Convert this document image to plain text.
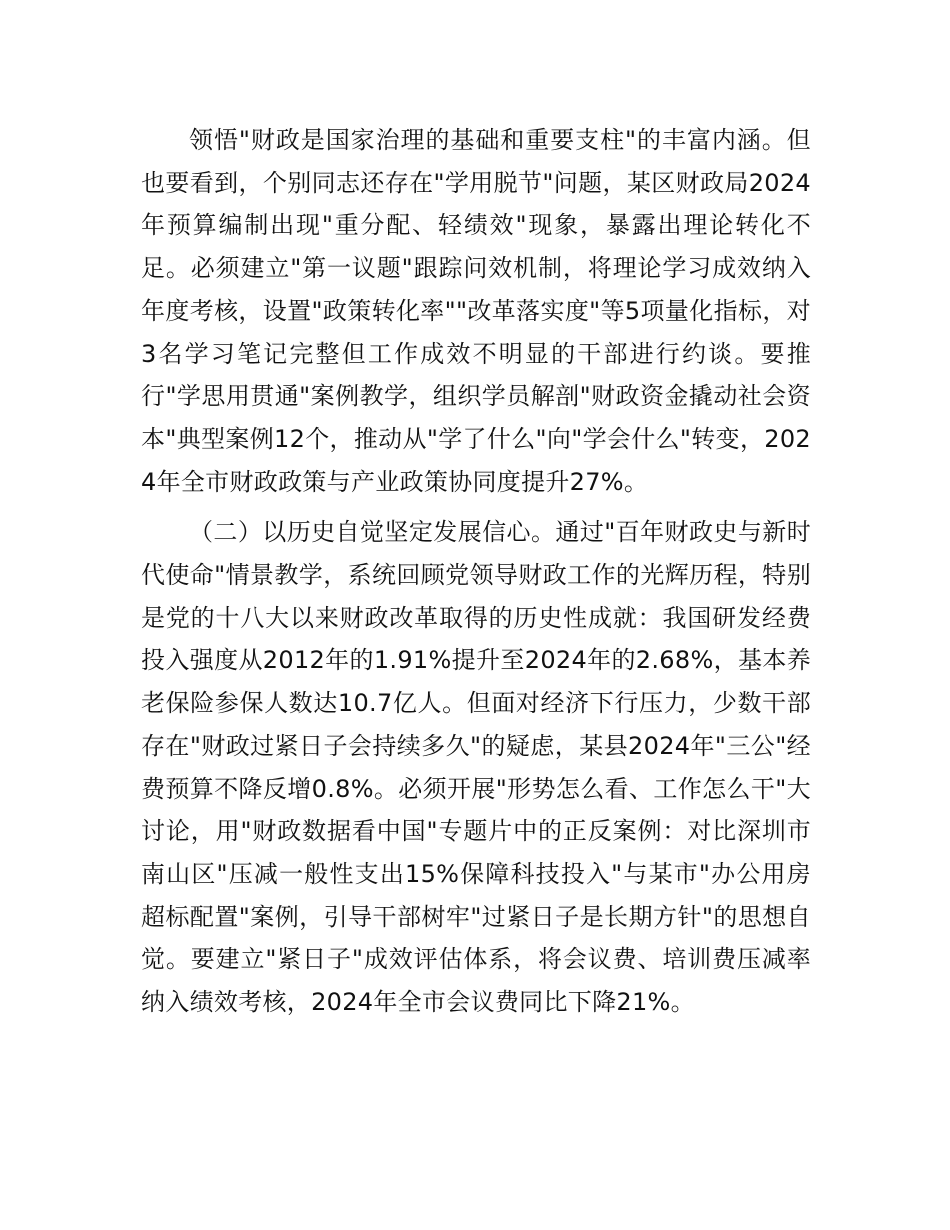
领悟"财政是国家治理的基础和重要支柱"的丰富内涵。但也要看到，个别同志还存在"学用脱节"问题，某区财政局2024年预算编制出现"重分配、轻绩效"现象，暴露出理论转化不足。必须建立"第一议题"跟踪问效机制，将理论学习成效纳入年度考核，设置"政策转化率""改革落实度"等5项量化指标，对3名学习笔记完整但工作成效不明显的干部进行约谈。要推行"学思用贯通"案例教学，组织学员解剖"财政资金撬动社会资本"典型案例12个，推动从"学了什么"向"学会什么"转变，2024年全市财政政策与产业政策协同度提升27%。

（二）以历史自觉坚定发展信心。通过"百年财政史与新时代使命"情景教学，系统回顾党领导财政工作的光辉历程，特别是党的十八大以来财政改革取得的历史性成就：我国研发经费投入强度从2012年的1.91%提升至2024年的2.68%，基本养老保险参保人数达10.7亿人。但面对经济下行压力，少数干部存在"财政过紧日子会持续多久"的疑虑，某县2024年"三公"经费预算不降反增0.8%。必须开展"形势怎么看、工作怎么干"大讨论，用"财政数据看中国"专题片中的正反案例：对比深圳市南山区"压减一般性支出15%保障科技投入"与某市"办公用房超标配置"案例，引导干部树牢"过紧日子是长期方针"的思想自觉。要建立"紧日子"成效评估体系，将会议费、培训费压减率纳入绩效考核，2024年全市会议费同比下降21%。
